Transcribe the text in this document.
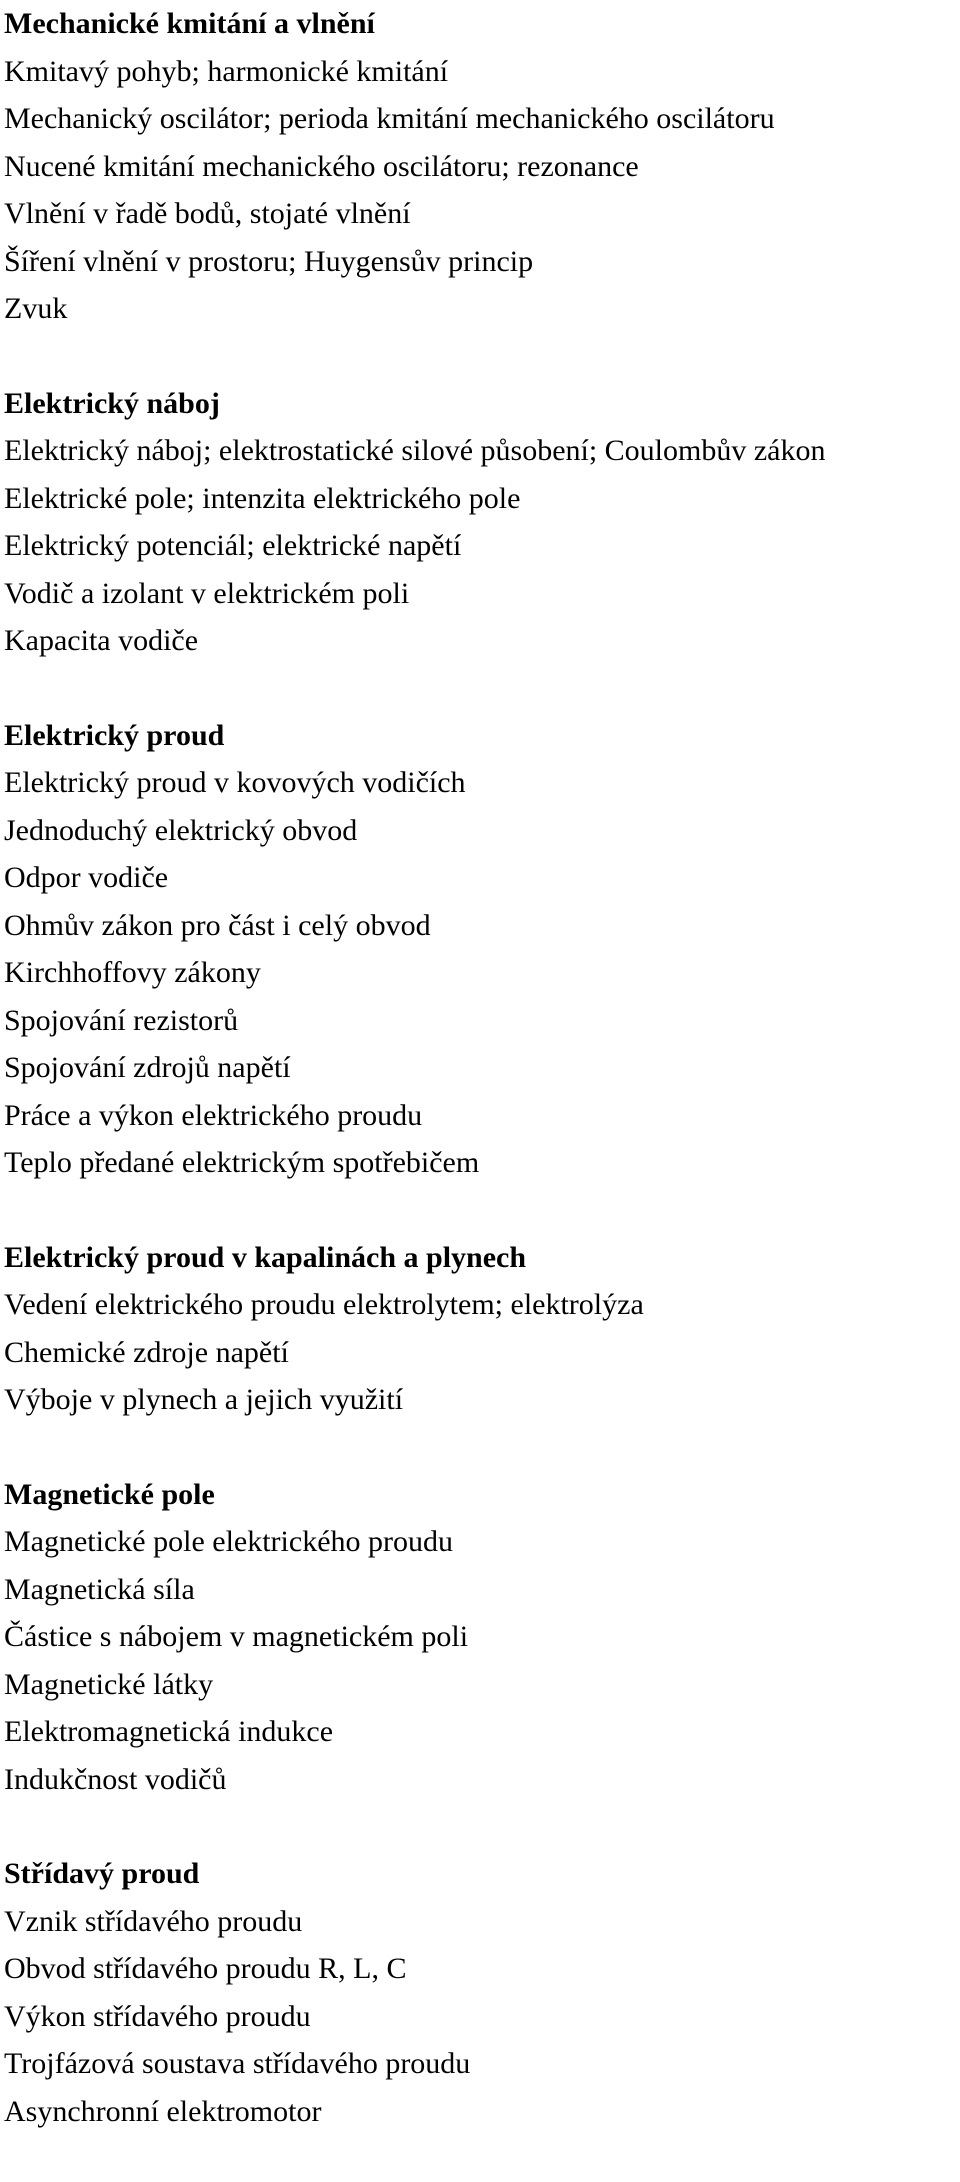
Mechanické kmitání a vlnění
Kmitavý pohyb; harmonické kmitání
Mechanický oscilátor; perioda kmitání mechanického oscilátoru
Nucené kmitání mechanického oscilátoru; rezonance
Vlnění v řadě bodů, stojaté vlnění
Šíření vlnění v prostoru; Huygensův princip
Zvuk
Elektrický náboj
Elektrický náboj; elektrostatické silové působení; Coulombův zákon
Elektrické pole; intenzita elektrického pole
Elektrický potenciál; elektrické napětí
Vodič a izolant v elektrickém poli
Kapacita vodiče
Elektrický proud
Elektrický proud v kovových vodičích
Jednoduchý elektrický obvod
Odpor vodiče
Ohmův zákon pro část i celý obvod
Kirchhoffovy zákony
Spojování rezistorů
Spojování zdrojů napětí
Práce a výkon elektrického proudu
Teplo předané elektrickým spotřebičem
Elektrický proud v kapalinách a plynech
Vedení elektrického proudu elektrolytem; elektrolýza
Chemické zdroje napětí
Výboje v plynech a jejich využití
Magnetické pole
Magnetické pole elektrického proudu
Magnetická síla
Částice s nábojem v magnetickém poli
Magnetické látky
Elektromagnetická indukce
Indukčnost vodičů
Střídavý proud
Vznik střídavého proudu
Obvod střídavého proudu R, L, C
Výkon střídavého proudu
Trojfázová soustava střídavého proudu
Asynchronní elektromotor
